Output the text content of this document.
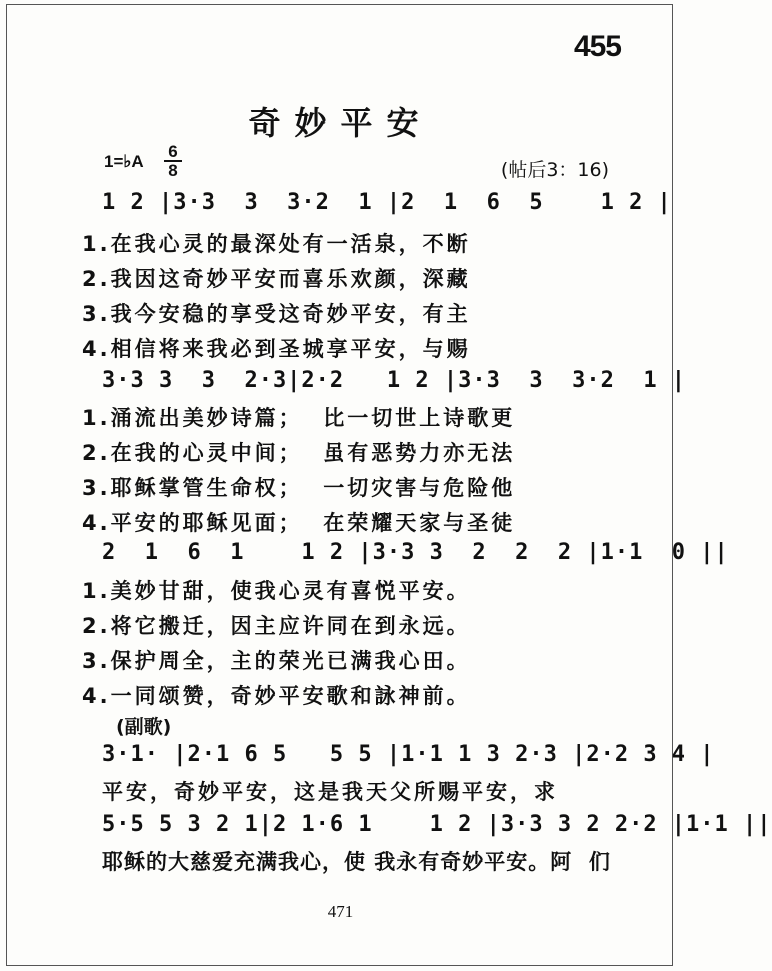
455
奇妙平安
1=♭A
6
8	(帖后3：16)
1 2 |3·3  3  3·2  1 |2  1  6  5    1 2 |
1.在我心灵的最深处有一活泉，不断
2.我因这奇妙平安而喜乐欢颜，深藏
3.我今安稳的享受这奇妙平安，有主
4.相信将来我必到圣城享平安，与赐
3·3 3  3  2·3|2·2   1 2 |3·3  3  3·2  1 |
1.涌流出美妙诗篇；  比一切世上诗歌更
2.在我的心灵中间；  虽有恶势力亦无法
3.耶稣掌管生命权；  一切灾害与危险他
4.平安的耶稣见面；  在荣耀天家与圣徒
2  1  6  1    1 2 |3·3 3  2  2  2 |1·1  0 ||
1.美妙甘甜，使我心灵有喜悦平安。
2.将它搬迁，因主应许同在到永远。
3.保护周全，主的荣光已满我心田。
4.一同颂赞，奇妙平安歌和詠神前。
(副歌)
3·1· |2·1 6 5   5 5 |1·1 1 3 2·3 |2·2 3 4 |
平安，奇妙平安，这是我天父所赐平安，求
5·5 5 3 2 1|2 1·6 1    1 2 |3·3 3 2 2·2 |1·1 ||
耶稣的大慈爱充满我心，使 我永有奇妙平安。阿  们
471
